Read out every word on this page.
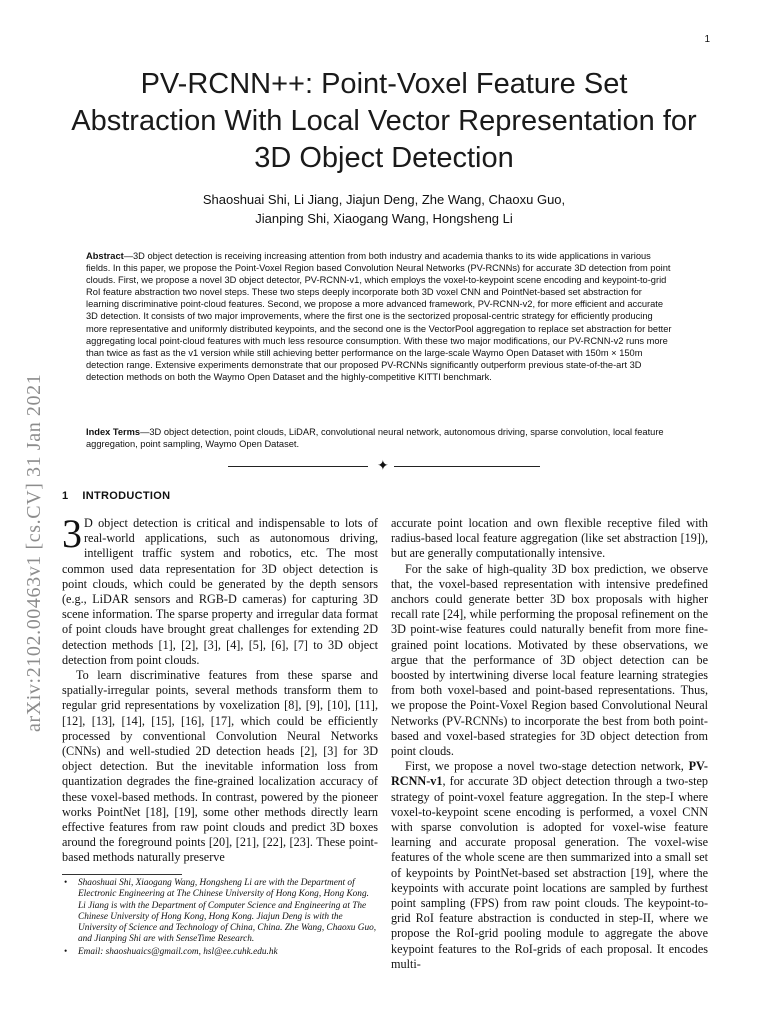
1
arXiv:2102.00463v1 [cs.CV] 31 Jan 2021
PV-RCNN++: Point-Voxel Feature Set
Abstraction With Local Vector Representation for
3D Object Detection
Shaoshuai Shi, Li Jiang, Jiajun Deng, Zhe Wang, Chaoxu Guo,
Jianping Shi, Xiaogang Wang, Hongsheng Li
Abstract—3D object detection is receiving increasing attention from both industry and academia thanks to its wide applications in various fields. In this paper, we propose the Point-Voxel Region based Convolution Neural Networks (PV-RCNNs) for accurate 3D detection from point clouds. First, we propose a novel 3D object detector, PV-RCNN-v1, which employs the voxel-to-keypoint scene encoding and keypoint-to-grid RoI feature abstraction two novel steps. These two steps deeply incorporate both 3D voxel CNN and PointNet-based set abstraction for learning discriminative point-cloud features. Second, we propose a more advanced framework, PV-RCNN-v2, for more efficient and accurate 3D detection. It consists of two major improvements, where the first one is the sectorized proposal-centric strategy for efficiently producing more representative and uniformly distributed keypoints, and the second one is the VectorPool aggregation to replace set abstraction for better aggregating local point-cloud features with much less resource consumption. With these two major modifications, our PV-RCNN-v2 runs more than twice as fast as the v1 version while still achieving better performance on the large-scale Waymo Open Dataset with 150m × 150m detection range. Extensive experiments demonstrate that our proposed PV-RCNNs significantly outperform previous state-of-the-art 3D detection methods on both the Waymo Open Dataset and the highly-competitive KITTI benchmark.
Index Terms—3D object detection, point clouds, LiDAR, convolutional neural network, autonomous driving, sparse convolution, local feature aggregation, point sampling, Waymo Open Dataset.
✦
1 INTRODUCTION

3 D object detection is critical and indispensable to lots of real-world applications, such as autonomous driving, intelligent traffic system and robotics, etc. The most common used data representation for 3D object detection is point clouds, which could be generated by the depth sensors (e.g., LiDAR sensors and RGB-D cameras) for capturing 3D scene information. The sparse property and irregular data format of point clouds have brought great challenges for extending 2D detection methods [1], [2], [3], [4], [5], [6], [7] to 3D object detection from point clouds.

To learn discriminative features from these sparse and spatially-irregular points, several methods transform them to regular grid representations by voxelization [8], [9], [10], [11], [12], [13], [14], [15], [16], [17], which could be efficiently processed by conventional Convolution Neural Networks (CNNs) and well-studied 2D detection heads [2], [3] for 3D object detection. But the inevitable information loss from quantization degrades the fine-grained localization accuracy of these voxel-based methods. In contrast, powered by the pioneer works PointNet [18], [19], some other methods directly learn effective features from raw point clouds and predict 3D boxes around the foreground points [20], [21], [22], [23]. These point-based methods naturally preserve

• Shaoshuai Shi, Xiaogang Wang, Hongsheng Li are with the Department of Electronic Engineering at The Chinese University of Hong Kong, Hong Kong. Li Jiang is with the Department of Computer Science and Engineering at The Chinese University of Hong Kong, Hong Kong. Jiajun Deng is with the University of Science and Technology of China, China. Zhe Wang, Chaoxu Guo, and Jianping Shi are with SenseTime Research.
• Email: shaoshuaics@gmail.com, hsl@ee.cuhk.edu.hk

accurate point location and own flexible receptive filed with radius-based local feature aggregation (like set abstraction [19]), but are generally computationally intensive.

For the sake of high-quality 3D box prediction, we observe that, the voxel-based representation with intensive predefined anchors could generate better 3D box proposals with higher recall rate [24], while performing the proposal refinement on the 3D point-wise features could naturally benefit from more fine-grained point locations. Motivated by these observations, we argue that the performance of 3D object detection can be boosted by intertwining diverse local feature learning strategies from both voxel-based and point-based representations. Thus, we propose the Point-Voxel Region based Convolutional Neural Networks (PV-RCNNs) to incorporate the best from both point-based and voxel-based strategies for 3D object detection from point clouds.

First, we propose a novel two-stage detection network, PV-RCNN-v1, for accurate 3D object detection through a two-step strategy of point-voxel feature aggregation. In the step-I where voxel-to-keypoint scene encoding is performed, a voxel CNN with sparse convolution is adopted for voxel-wise feature learning and accurate proposal generation. The voxel-wise features of the whole scene are then summarized into a small set of keypoints by PointNet-based set abstraction [19], where the keypoints with accurate point locations are sampled by furthest point sampling (FPS) from raw point clouds. The keypoint-to-grid RoI feature abstraction is conducted in step-II, where we propose the RoI-grid pooling module to aggregate the above keypoint features to the RoI-grids of each proposal. It encodes multi-
